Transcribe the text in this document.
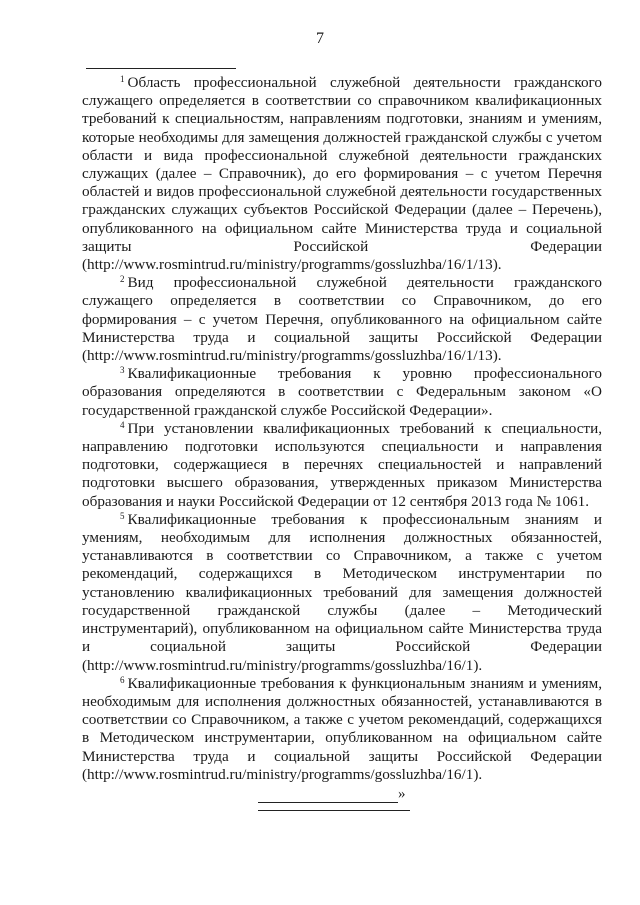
7

$^1$ Область профессиональной служебной деятельности гражданского служащего определяется в соответствии со справочником квалификационных требований к специальностям, направлениям подготовки, знаниям и умениям, которые необходимы для замещения должностей гражданской службы с учетом области и вида профессиональной служебной деятельности гражданских служащих (далее – Справочник), до его формирования – с учетом Перечня областей и видов профессиональной служебной деятельности государственных гражданских служащих субъектов Российской Федерации (далее – Перечень), опубликованного на официальном сайте Министерства труда и социальной защиты Российской Федерации (http://www.rosmintrud.ru/ministry/programms/gossluzhba/16/1/13).

$^2$ Вид профессиональной служебной деятельности гражданского служащего определяется в соответствии со Справочником, до его формирования – с учетом Перечня, опубликованного на официальном сайте Министерства труда и социальной защиты Российской Федерации (http://www.rosmintrud.ru/ministry/programms/gossluzhba/16/1/13).

$^3$ Квалификационные требования к уровню профессионального образования определяются в соответствии с Федеральным законом «О государственной гражданской службе Российской Федерации».

$^4$ При установлении квалификационных требований к специальности, направлению подготовки используются специальности и направления подготовки, содержащиеся в перечнях специальностей и направлений подготовки высшего образования, утвержденных приказом Министерства образования и науки Российской Федерации от 12 сентября 2013 года № 1061.

$^5$ Квалификационные требования к профессиональным знаниям и умениям, необходимым для исполнения должностных обязанностей, устанавливаются в соответствии со Справочником, а также с учетом рекомендаций, содержащихся в Методическом инструментарии по установлению квалификационных требований для замещения должностей государственной гражданской службы (далее – Методический инструментарий), опубликованном на официальном сайте Министерства труда и социальной защиты Российской Федерации (http://www.rosmintrud.ru/ministry/programms/gossluzhba/16/1).

$^6$ Квалификационные требования к функциональным знаниям и умениям, необходимым для исполнения должностных обязанностей, устанавливаются в соответствии со Справочником, а также с учетом рекомендаций, содержащихся в Методическом инструментарии, опубликованном на официальном сайте Министерства труда и социальной защиты Российской Федерации (http://www.rosmintrud.ru/ministry/programms/gossluzhba/16/1).

»
